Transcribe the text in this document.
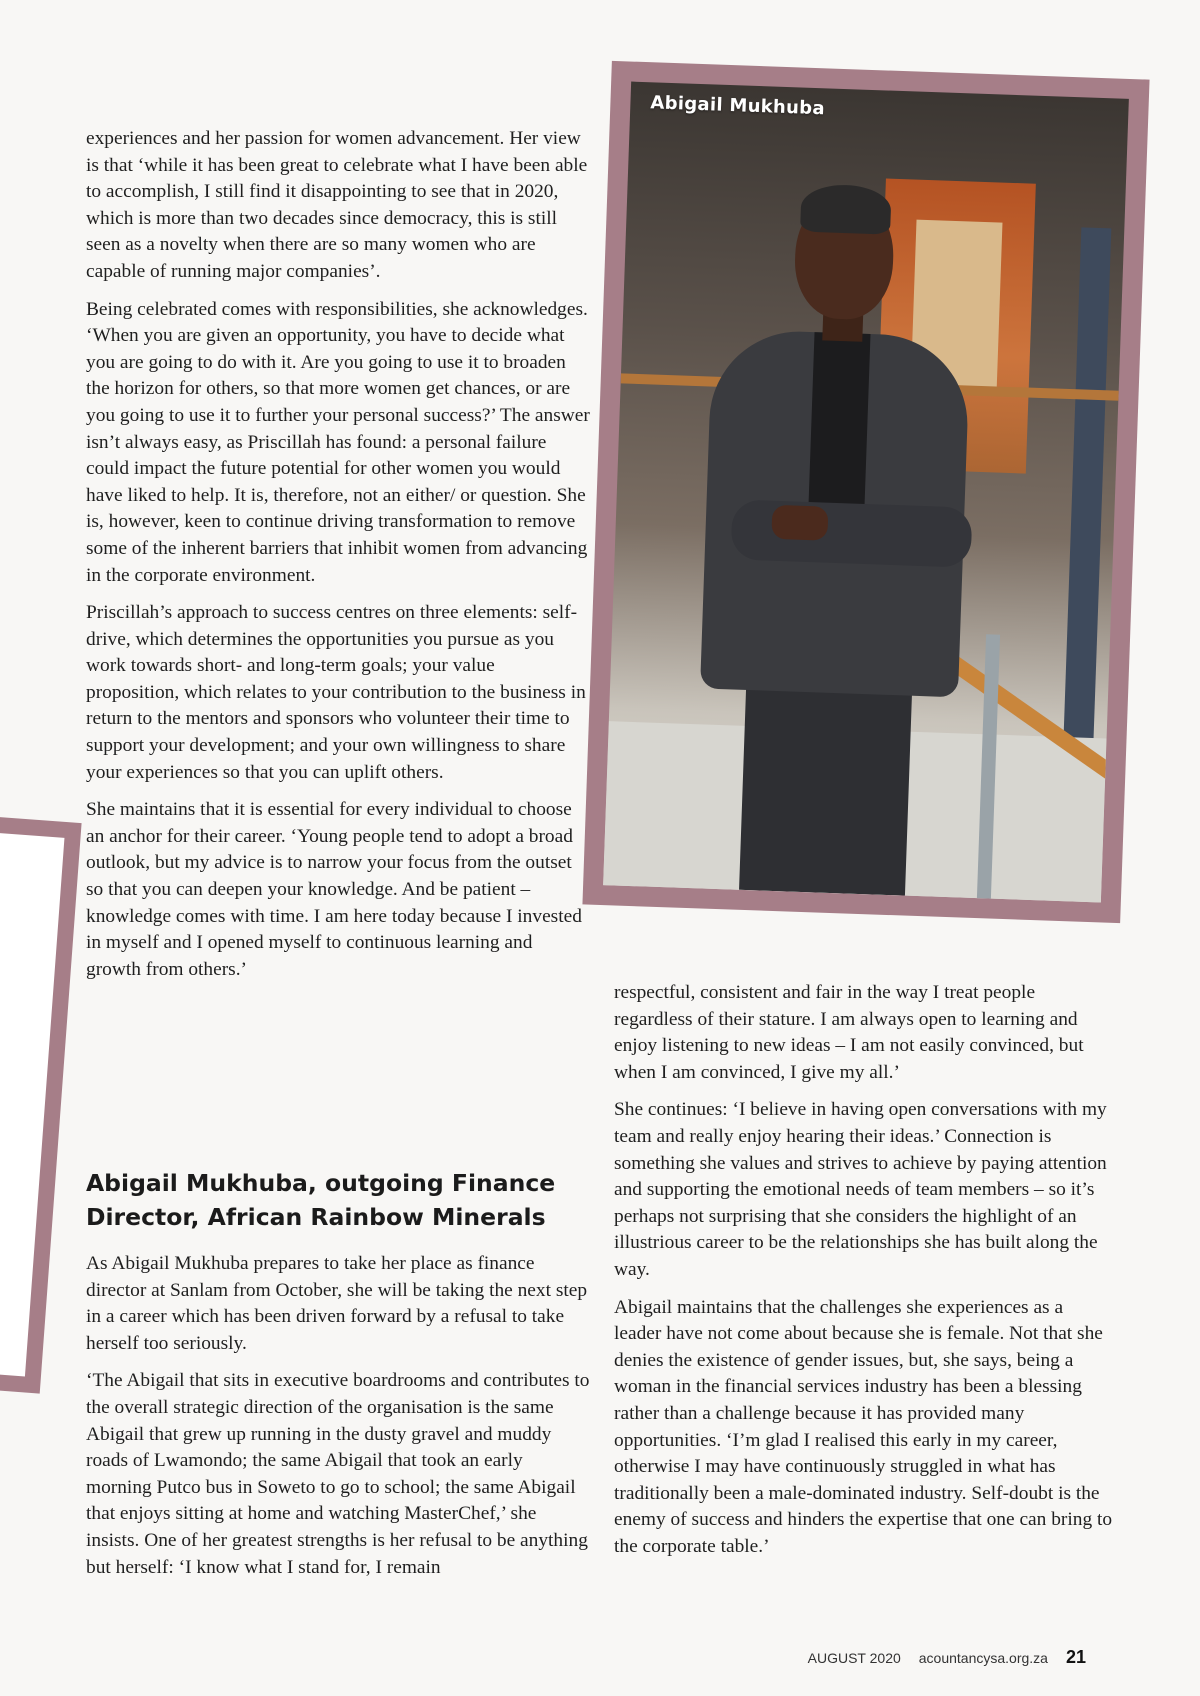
Abigail Mukhuba

experiences and her passion for women advancement. Her view is that ‘while it has been great to celebrate what I have been able to accomplish, I still find it disappointing to see that in 2020, which is more than two decades since democracy, this is still seen as a novelty when there are so many women who are capable of running major companies’.

Being celebrated comes with responsibilities, she acknowledges. ‘When you are given an opportunity, you have to decide what you are going to do with it. Are you going to use it to broaden the horizon for others, so that more women get chances, or are you going to use it to further your personal success?’ The answer isn’t always easy, as Priscillah has found: a personal failure could impact the future potential for other women you would have liked to help. It is, therefore, not an either/ or question. She is, however, keen to continue driving transformation to remove some of the inherent barriers that inhibit women from advancing in the corporate environment.

Priscillah’s approach to success centres on three elements: self-drive, which determines the opportunities you pursue as you work towards short- and long-term goals; your value proposition, which relates to your contribution to the business in return to the mentors and sponsors who volunteer their time to support your development; and your own willingness to share your experiences so that you can uplift others.

She maintains that it is essential for every individual to choose an anchor for their career. ‘Young people tend to adopt a broad outlook, but my advice is to narrow your focus from the outset so that you can deepen your knowledge. And be patient – knowledge comes with time. I am here today because I invested in myself and I opened myself to continuous learning and growth from others.’

Abigail Mukhuba, outgoing Finance Director, African Rainbow Minerals

As Abigail Mukhuba prepares to take her place as finance director at Sanlam from October, she will be taking the next step in a career which has been driven forward by a refusal to take herself too seriously.

‘The Abigail that sits in executive boardrooms and contributes to the overall strategic direction of the organisation is the same Abigail that grew up running in the dusty gravel and muddy roads of Lwamondo; the same Abigail that took an early morning Putco bus in Soweto to go to school; the same Abigail that enjoys sitting at home and watching MasterChef,’ she insists. One of her greatest strengths is her refusal to be anything but herself: ‘I know what I stand for, I remain

respectful, consistent and fair in the way I treat people regardless of their stature. I am always open to learning and enjoy listening to new ideas – I am not easily convinced, but when I am convinced, I give my all.’

She continues: ‘I believe in having open conversations with my team and really enjoy hearing their ideas.’ Connection is something she values and strives to achieve by paying attention and supporting the emotional needs of team members – so it’s perhaps not surprising that she considers the highlight of an illustrious career to be the relationships she has built along the way.

Abigail maintains that the challenges she experiences as a leader have not come about because she is female. Not that she denies the existence of gender issues, but, she says, being a woman in the financial services industry has been a blessing rather than a challenge because it has provided many opportunities. ‘I’m glad I realised this early in my career, otherwise I may have continuously struggled in what has traditionally been a male-dominated industry. Self-doubt is the enemy of success and hinders the expertise that one can bring to the corporate table.’

AUGUST 2020 acountancysa.org.za 21
